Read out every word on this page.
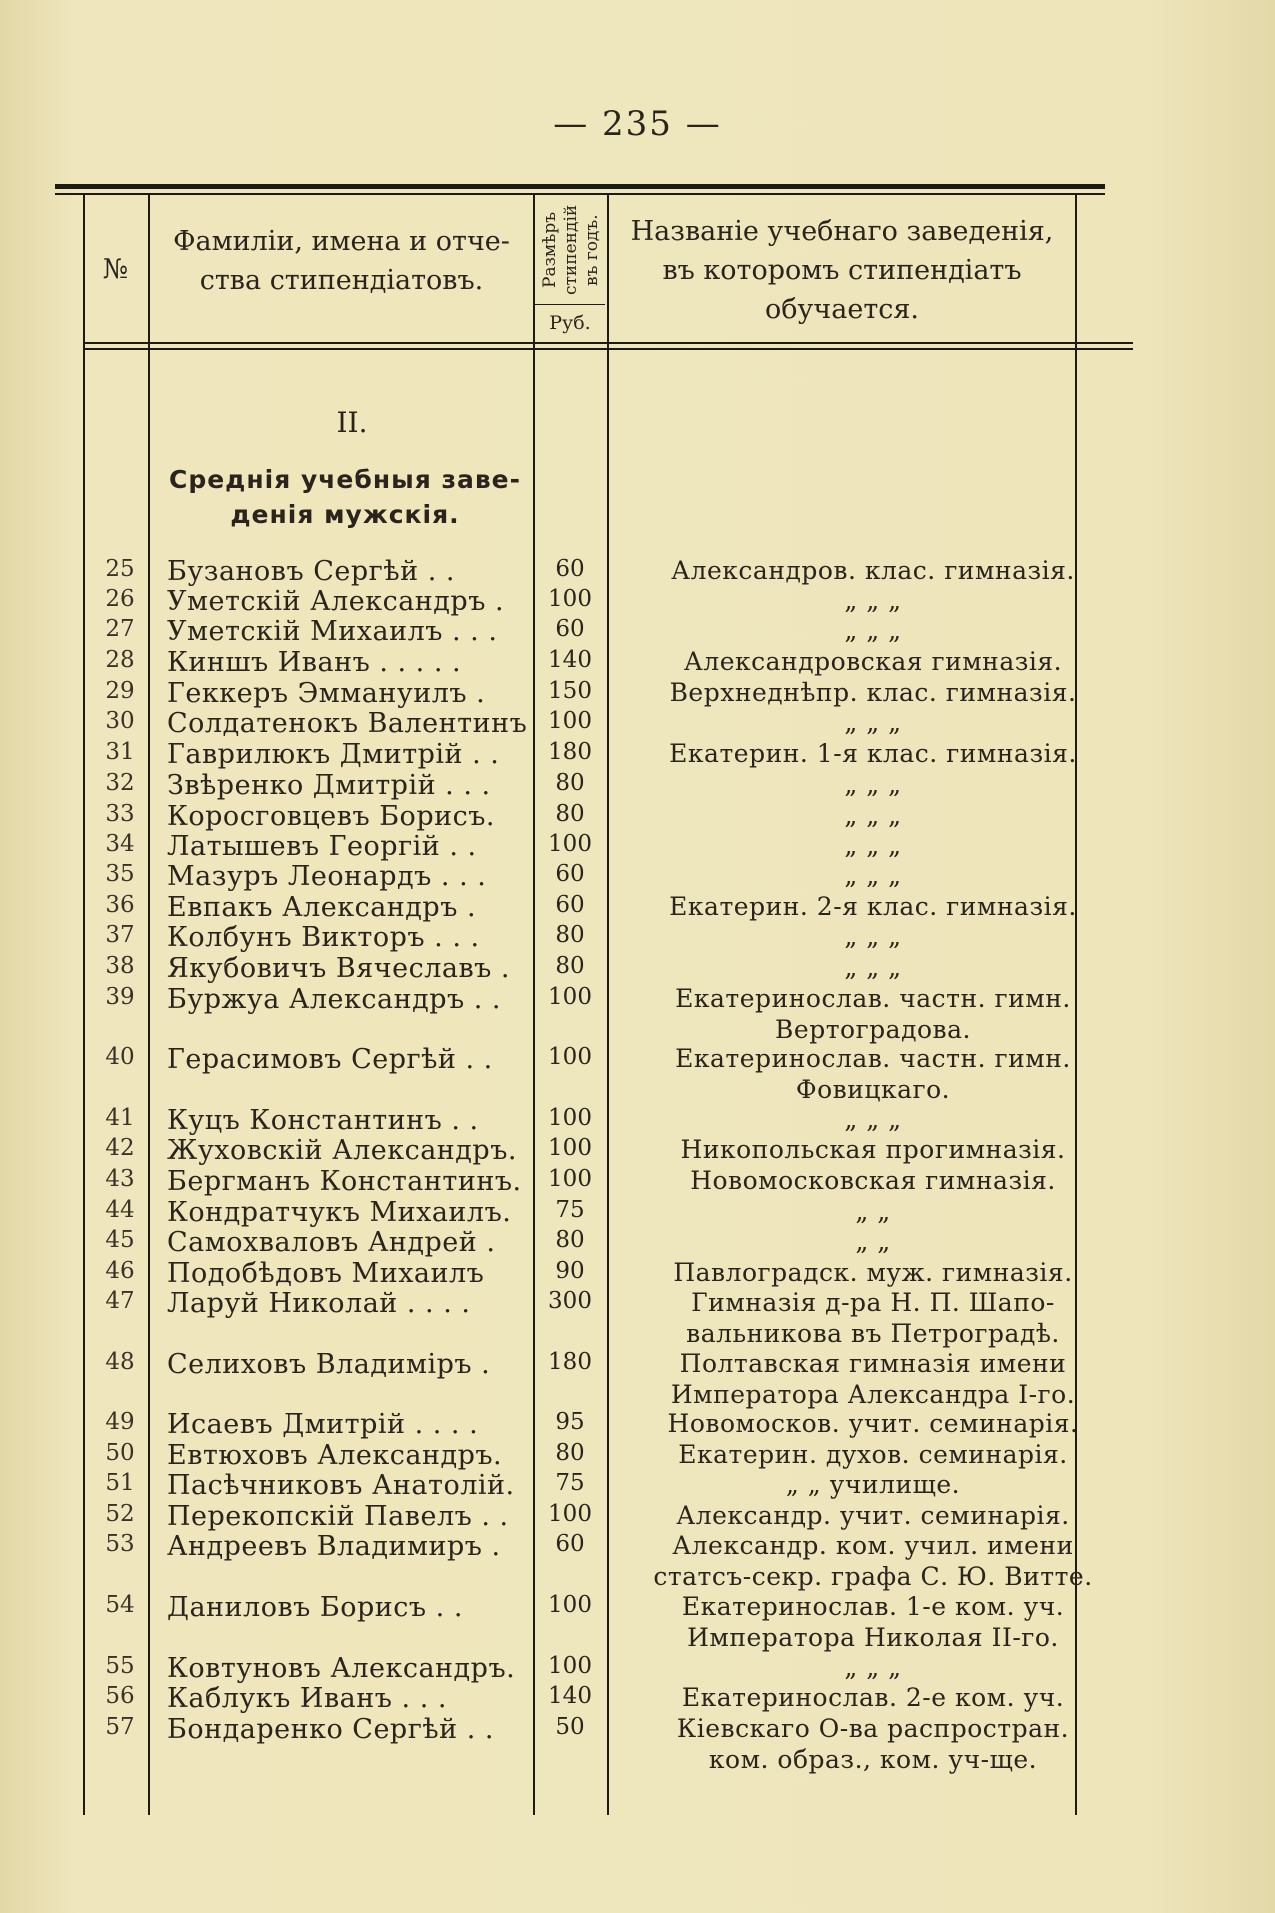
— 235 —
№
Фамилiи, имена и отче-
ства стипендiатовъ.	Размѣръ стипендiй въ годъ.
Руб.
Названiе учебнаго заведенiя,
въ которомъ стипендiатъ
обучается.
II.
Среднiя учебныя заве-
денiя мужскiя.
25	Бузановъ Сергѣй . .	60	Александров. клас. гимназiя.
26	Уметскiй Александръ .	100	„ „ „
27	Уметскiй Михаилъ . . .	60	„ „ „
28	Киншъ Иванъ . . . . .	140	Александровская гимназiя.
29	Геккеръ Эммануилъ .	150	Верхнеднѣпр. клас. гимназiя.
30	Солдатенокъ Валентинъ 100	„ „ „
31	Гаврилюкъ Дмитрiй . .	180	Екатерин. 1-я клас. гимназiя.
32	Звѣренко Дмитрiй . . .	80	„ „ „
33	Коросговцевъ Борисъ.	80	„ „ „
34	Латышевъ Георгiй . .	100	„ „ „
35	Мазуръ Леонардъ . . .	60	„ „ „
36	Евпакъ Александръ .	60	Екатерин. 2-я клас. гимназiя.
37	Колбунъ Викторъ . . .	80	„ „ „
38	Якубовичъ Вячеславъ .	80	„ „ „
39	Буржуа Александръ . .	100	Екатеринослав. частн. гимн.
Вертоградова.
40	Герасимовъ Сергѣй . .	100	Екатеринослав. частн. гимн.
Фовицкаго.
41	Куцъ Константинъ . .	100	„ „ „
42	Жуховскiй Александръ.	100	Никопольская прогимназiя.
43	Бергманъ Константинъ.	100	Новомосковская гимназiя.
44	Кондратчукъ Михаилъ.	75	„ „
45	Самохваловъ Андрей .	80	„ „
46	Подобѣдовъ Михаилъ	90	Павлоградск. муж. гимназiя.
47	Ларуй Николай . . . .	300	Гимназiя д-ра Н. П. Шапо-
вальникова въ Петроградѣ.
48	Селиховъ Владимiръ .	180	Полтавская гимназiя имени
Императора Александра I-го.
49	Исаевъ Дмитрiй . . . .	95	Новомосков. учит. семинарiя.
50	Евтюховъ Александръ.	80	Екатерин. духов. семинарiя.
51	Пасѣчниковъ Анатолiй.	75	„ „ училище.
52	Перекопскiй Павелъ . .	100	Александр. учит. семинарiя.
53	Андреевъ Владимиръ .	60	Александр. ком. учил. имени
статсъ-секр. графа С. Ю. Витте.
54	Даниловъ Борисъ . .	100	Екатеринослав. 1-е ком. уч.
Императора Николая II-го.
55	Ковтуновъ Александръ.	100	„ „ „
56	Каблукъ Иванъ . . .	140	Екатеринослав. 2-е ком. уч.
57	Бондаренко Сергѣй . .	50	Кiевскаго О-ва распростран.
ком. образ., ком. уч-ще.
